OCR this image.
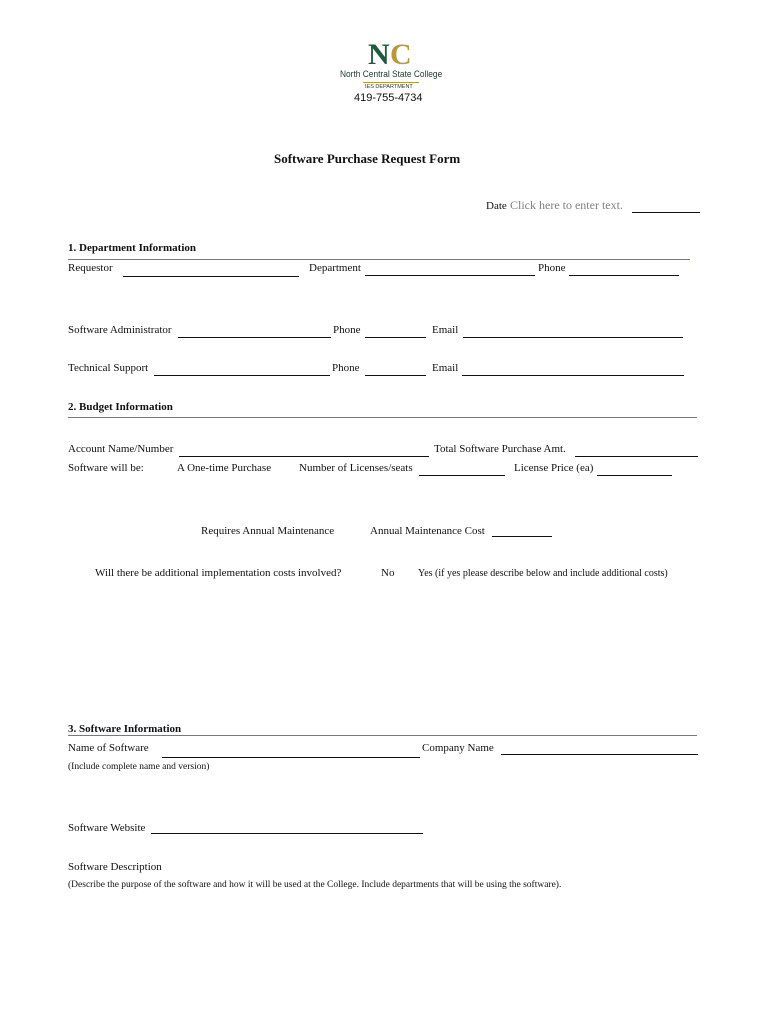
N C
North Central State College
IES DEPARTMENT
419-755-4734
Software Purchase Request Form
Date Click here to enter text.
1. Department Information
Requestor	Department	Phone
Software Administrator	Phone	Email
Technical Support	Phone	Email
2. Budget Information
Account Name/Number	Total Software Purchase Amt.
Software will be:	A One-time Purchase	Number of Licenses/seats	License Price (ea)
Requires Annual Maintenance	Annual Maintenance Cost
Will there be additional implementation costs involved?	No Yes (if yes please describe below and include additional costs)
3. Software Information
Name of Software	Company Name
(Include complete name and version)
Software Website
Software Description
(Describe the purpose of the software and how it will be used at the College. Include departments that will be using the software).
